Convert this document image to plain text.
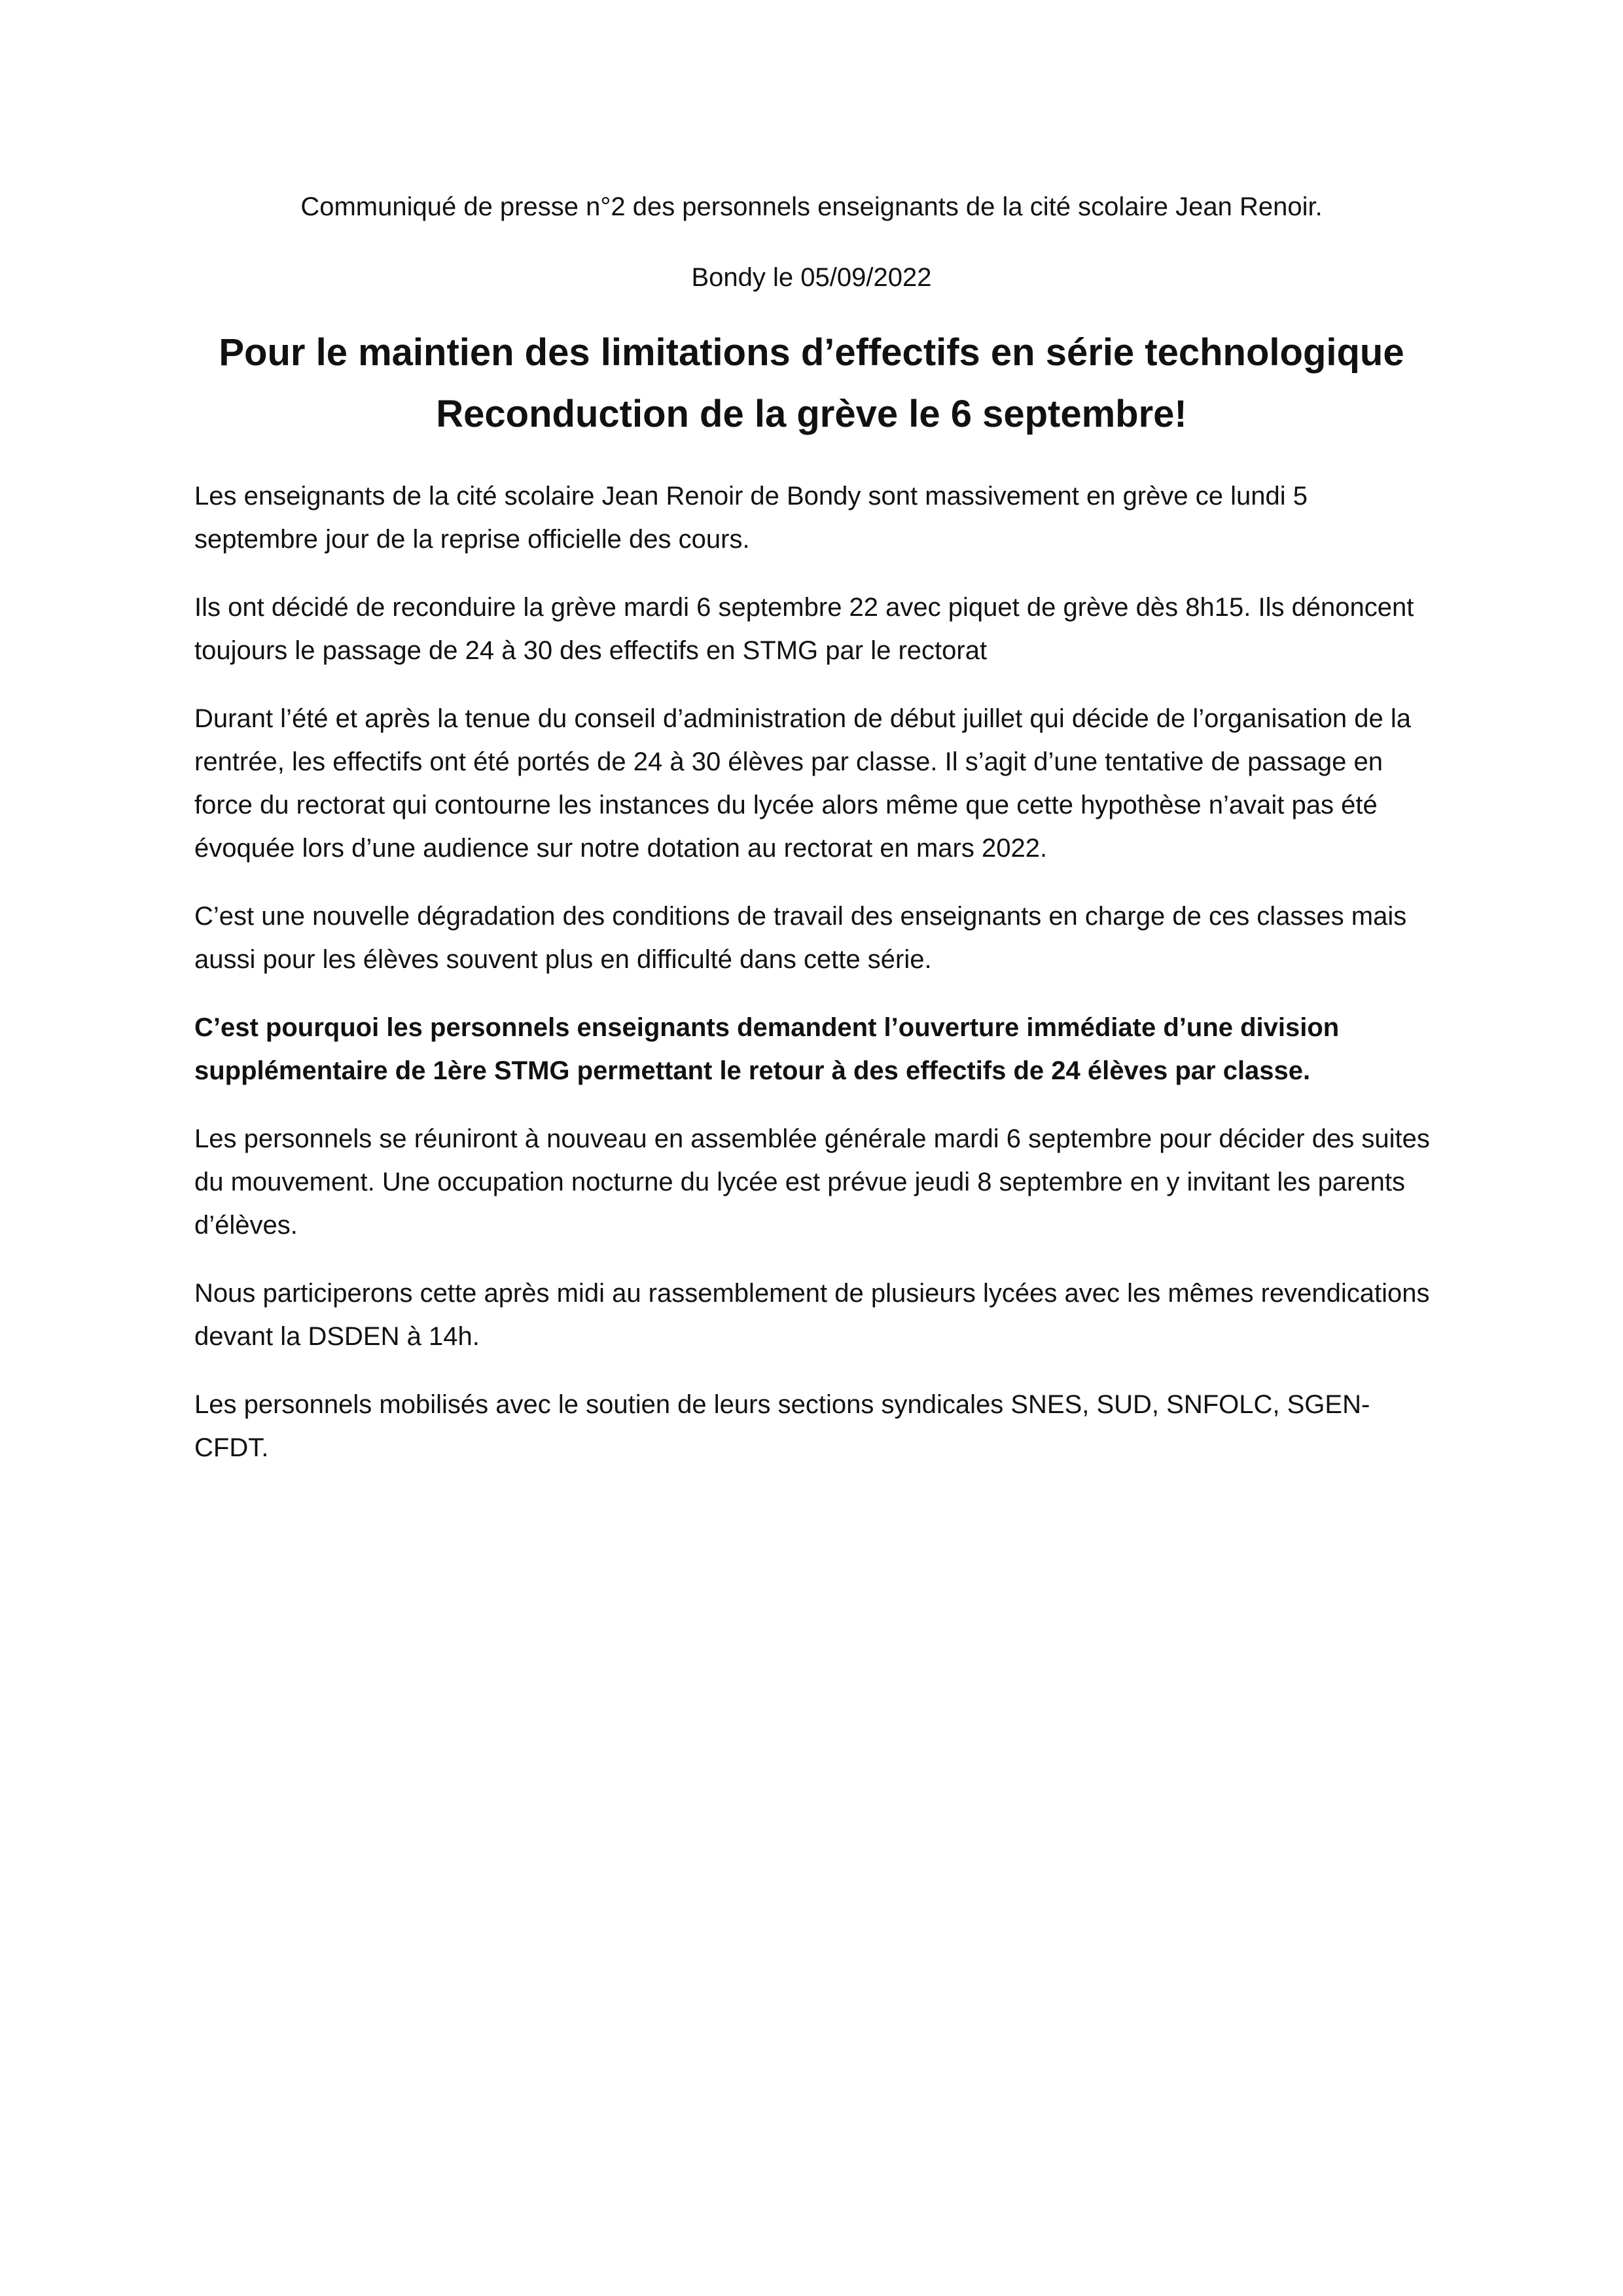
Communiqué de presse n°2 des personnels enseignants de la cité scolaire Jean Renoir.

Bondy le 05/09/2022

Pour le maintien des limitations d’effectifs en série technologique
Reconduction de la grève le 6 septembre!

Les enseignants de la cité scolaire Jean Renoir de Bondy sont massivement en grève ce lundi 5 septembre jour de la reprise officielle des cours.

Ils ont décidé de reconduire la grève mardi 6 septembre 22 avec piquet de grève dès 8h15. Ils dénoncent toujours le passage de 24 à 30 des effectifs en STMG par le rectorat

Durant l’été et après la tenue du conseil d’administration de début juillet qui décide de l’organisation de la rentrée, les effectifs ont été portés de 24 à 30 élèves par classe. Il s’agit d’une tentative de passage en force du rectorat qui contourne les instances du lycée alors même que cette hypothèse n’avait pas été évoquée lors d’une audience sur notre dotation au rectorat en mars 2022.

C’est une nouvelle dégradation des conditions de travail des enseignants en charge de ces classes mais aussi pour les élèves souvent plus en difficulté dans cette série.

C’est pourquoi les personnels enseignants demandent l’ouverture immédiate d’une division supplémentaire de 1ère STMG permettant le retour à des effectifs de 24 élèves par classe.

Les personnels se réuniront à nouveau en assemblée générale mardi 6 septembre pour décider des suites du mouvement. Une occupation nocturne du lycée est prévue jeudi 8 septembre en y invitant les parents d’élèves.

Nous participerons cette après midi au rassemblement de plusieurs lycées avec les mêmes revendications devant la DSDEN à 14h.

Les personnels mobilisés avec le soutien de leurs sections syndicales SNES, SUD, SNFOLC, SGEN-CFDT.
